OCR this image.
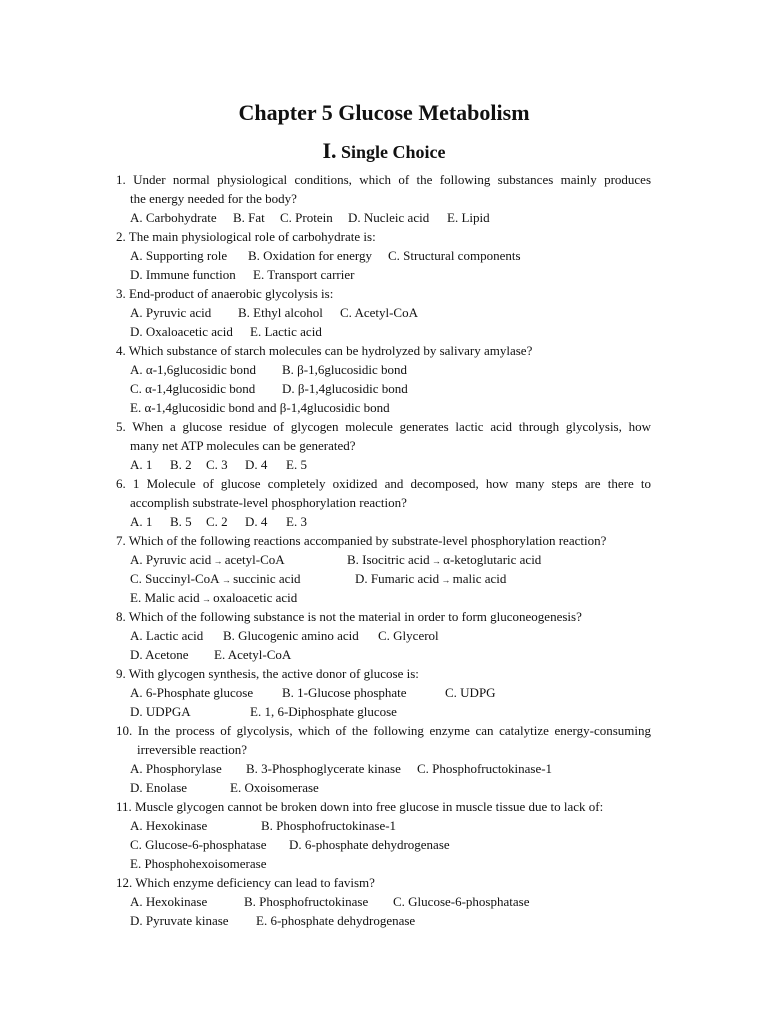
Chapter 5 Glucose Metabolism
I. Single Choice
1. Under normal physiological conditions, which of the following substances mainly produces
the energy needed for the body?
A. Carbohydrate B. Fat C. Protein D. Nucleic acid E. Lipid
2. The main physiological role of carbohydrate is:
A. Supporting role B. Oxidation for energy C. Structural components
D. Immune function E. Transport carrier
3. End-product of anaerobic glycolysis is:
A. Pyruvic acid B. Ethyl alcohol C. Acetyl-CoA
D. Oxaloacetic acid E. Lactic acid
4. Which substance of starch molecules can be hydrolyzed by salivary amylase?
A. α-1,6glucosidic bond B. β-1,6glucosidic bond
C. α-1,4glucosidic bond D. β-1,4glucosidic bond
E. α-1,4glucosidic bond and β-1,4glucosidic bond
5. When a glucose residue of glycogen molecule generates lactic acid through glycolysis, how
many net ATP molecules can be generated?
A. 1 B. 2 C. 3 D. 4 E. 5
6. 1 Molecule of glucose completely oxidized and decomposed, how many steps are there to
accomplish substrate-level phosphorylation reaction?
A. 1 B. 5 C. 2 D. 4 E. 3
7. Which of the following reactions accompanied by substrate-level phosphorylation reaction?
A. Pyruvic acid → acetyl-CoA	B. Isocitric acid → α-ketoglutaric acid
C. Succinyl-CoA → succinic acid	D. Fumaric acid → malic acid
E. Malic acid → oxaloacetic acid
8. Which of the following substance is not the material in order to form gluconeogenesis?
A. Lactic acid B. Glucogenic amino acid C. Glycerol
D. Acetone E. Acetyl-CoA
9. With glycogen synthesis, the active donor of glucose is:
A. 6-Phosphate glucose B. 1-Glucose phosphate	C. UDPG
D. UDPGA	E. 1, 6-Diphosphate glucose
10. In the process of glycolysis, which of the following enzyme can catalytize energy-consuming
irreversible reaction?
A. Phosphorylase B. 3-Phosphoglycerate kinase C. Phosphofructokinase-1
D. Enolase	E. Oxoisomerase
11. Muscle glycogen cannot be broken down into free glucose in muscle tissue due to lack of:
A. Hexokinase	B. Phosphofructokinase-1
C. Glucose-6-phosphatase D. 6-phosphate dehydrogenase
E. Phosphohexoisomerase
12. Which enzyme deficiency can lead to favism?
A. Hexokinase	B. Phosphofructokinase C. Glucose-6-phosphatase
D. Pyruvate kinase E. 6-phosphate dehydrogenase
